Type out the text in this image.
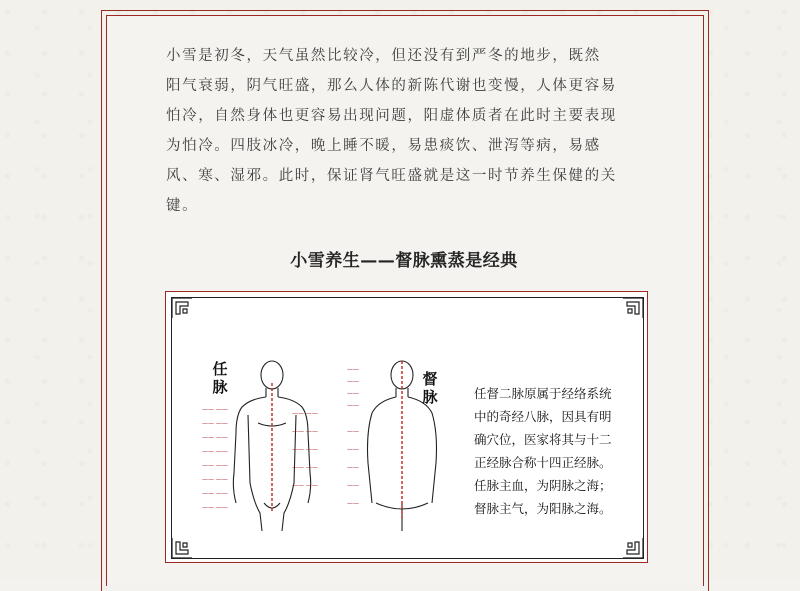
小雪是初冬，天气虽然比较冷，但还没有到严冬的地步，既然
阳气衰弱，阴气旺盛，那么人体的新陈代谢也变慢，人体更容易
怕冷，自然身体也更容易出现问题，阳虚体质者在此时主要表现
为怕冷。四肢冰冷，晚上睡不暖，易患痰饮、泄泻等病，易感
风、寒、湿邪。此时，保证肾气旺盛就是这一时节养生保健的关
键。
小雪养生——督脉熏蒸是经典
任脉
—— ——
—— ——
—— ——
—— ——
—— ——
—— ——
—— ——
—— ——
—— ——
—— ——
—— ——
—— ——
—— ——
督脉
——
——
——
——
——
——
——
——
——
任督二脉原属于经络系统
中的奇经八脉，因具有明
确穴位，医家将其与十二
正经脉合称十四正经脉。
任脉主血，为阴脉之海；
督脉主气，为阳脉之海。
